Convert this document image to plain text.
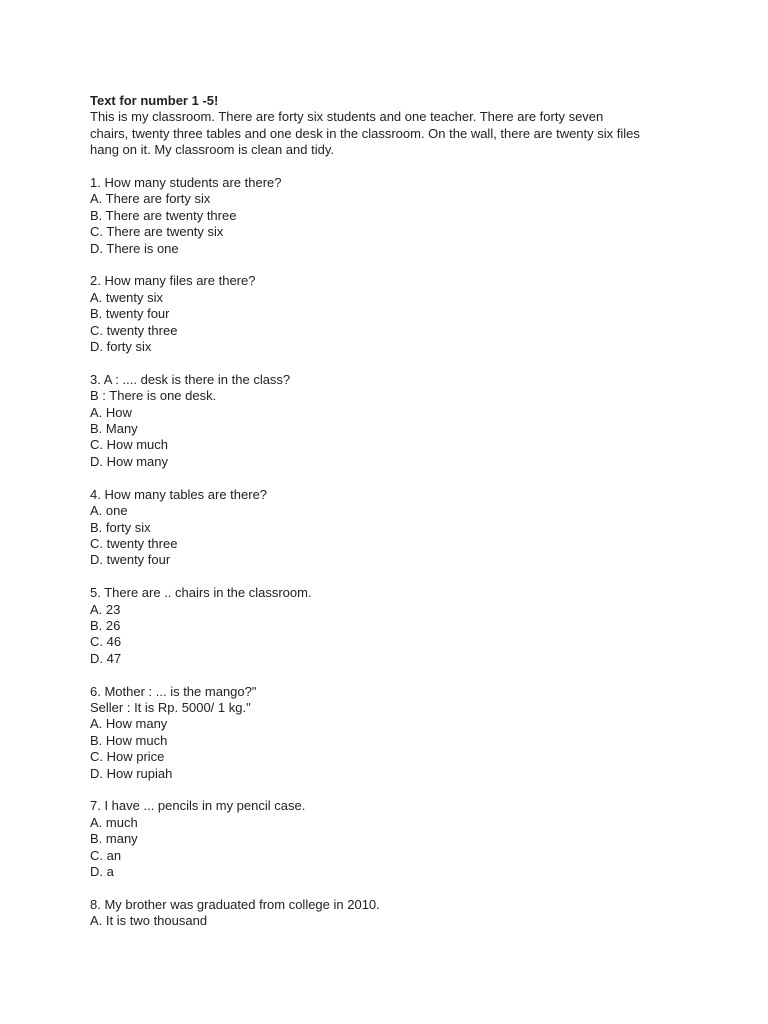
Text for number 1 -5!
This is my classroom. There are forty six students and one teacher. There are forty seven
chairs, twenty three tables and one desk in the classroom. On the wall, there are twenty six files
hang on it. My classroom is clean and tidy.
1. How many students are there?
A. There are forty six
B. There are twenty three
C. There are twenty six
D. There is one
2. How many files are there?
A. twenty six
B. twenty four
C. twenty three
D. forty six
3. A : .... desk is there in the class?
B : There is one desk.
A. How
B. Many
C. How much
D. How many
4. How many tables are there?
A. one
B. forty six
C. twenty three
D. twenty four
5. There are .. chairs in the classroom.
A. 23
B. 26
C. 46
D. 47
6. Mother : ... is the mango?"
Seller : It is Rp. 5000/ 1 kg."
A. How many
B. How much
C. How price
D. How rupiah
7. I have ... pencils in my pencil case.
A. much
B. many
C. an
D. a
8. My brother was graduated from college in 2010.
A. It is two thousand
